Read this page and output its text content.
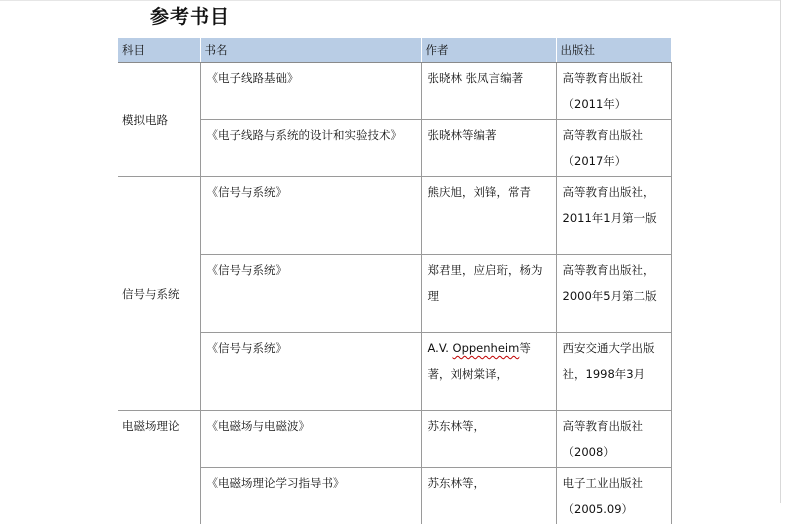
参考书目
科目	书名	作者	出版社
模拟电路	《电子线路基础》	张晓林 张凤言编著	高等教育出版社（2011年）
	《电子线路与系统的设计和实验技术》	张晓林等编著	高等教育出版社（2017年）
信号与系统	《信号与系统》	熊庆旭，刘锋，常青	高等教育出版社，2011年1月第一版
	《信号与系统》	郑君里，应启珩，杨为理	高等教育出版社，2000年5月第二版
	《信号与系统》	A.V. Oppenheim等著，刘树棠译，	西安交通大学出版社，1998年3月
电磁场理论	《电磁场与电磁波》	苏东林等，	高等教育出版社（2008）
	《电磁场理论学习指导书》	苏东林等，	电子工业出版社（2005.09）
